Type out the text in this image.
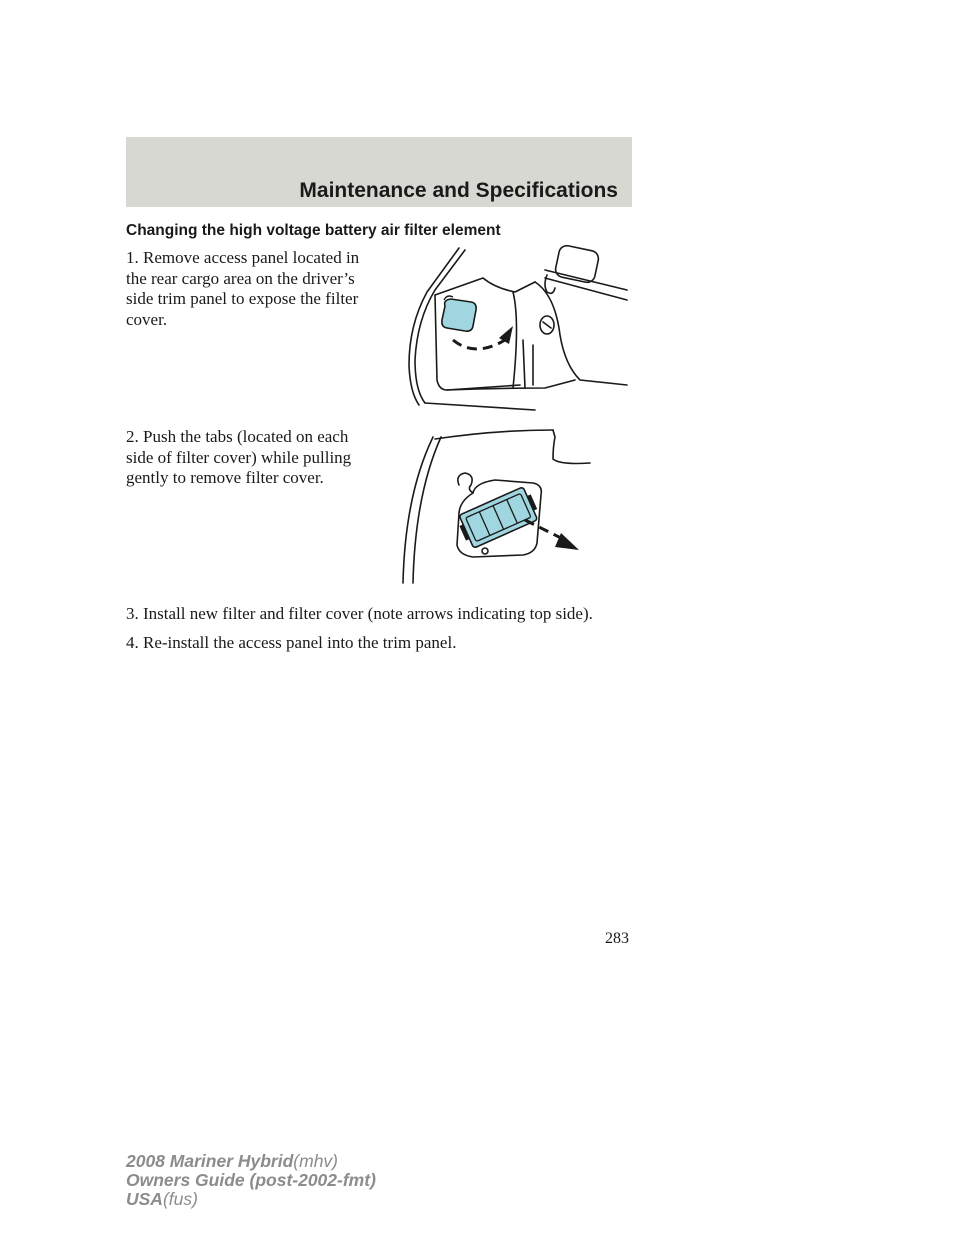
Maintenance and Specifications
Changing the high voltage battery air filter element
1. Remove access panel located in the rear cargo area on the driver’s side trim panel to expose the filter cover.
2. Push the tabs (located on each side of filter cover) while pulling gently to remove filter cover.
3. Install new filter and filter cover (note arrows indicating top side).
4. Re-install the access panel into the trim panel.
283
2008 Mariner Hybrid(mhv)
Owners Guide (post-2002-fmt)
USA(fus)
